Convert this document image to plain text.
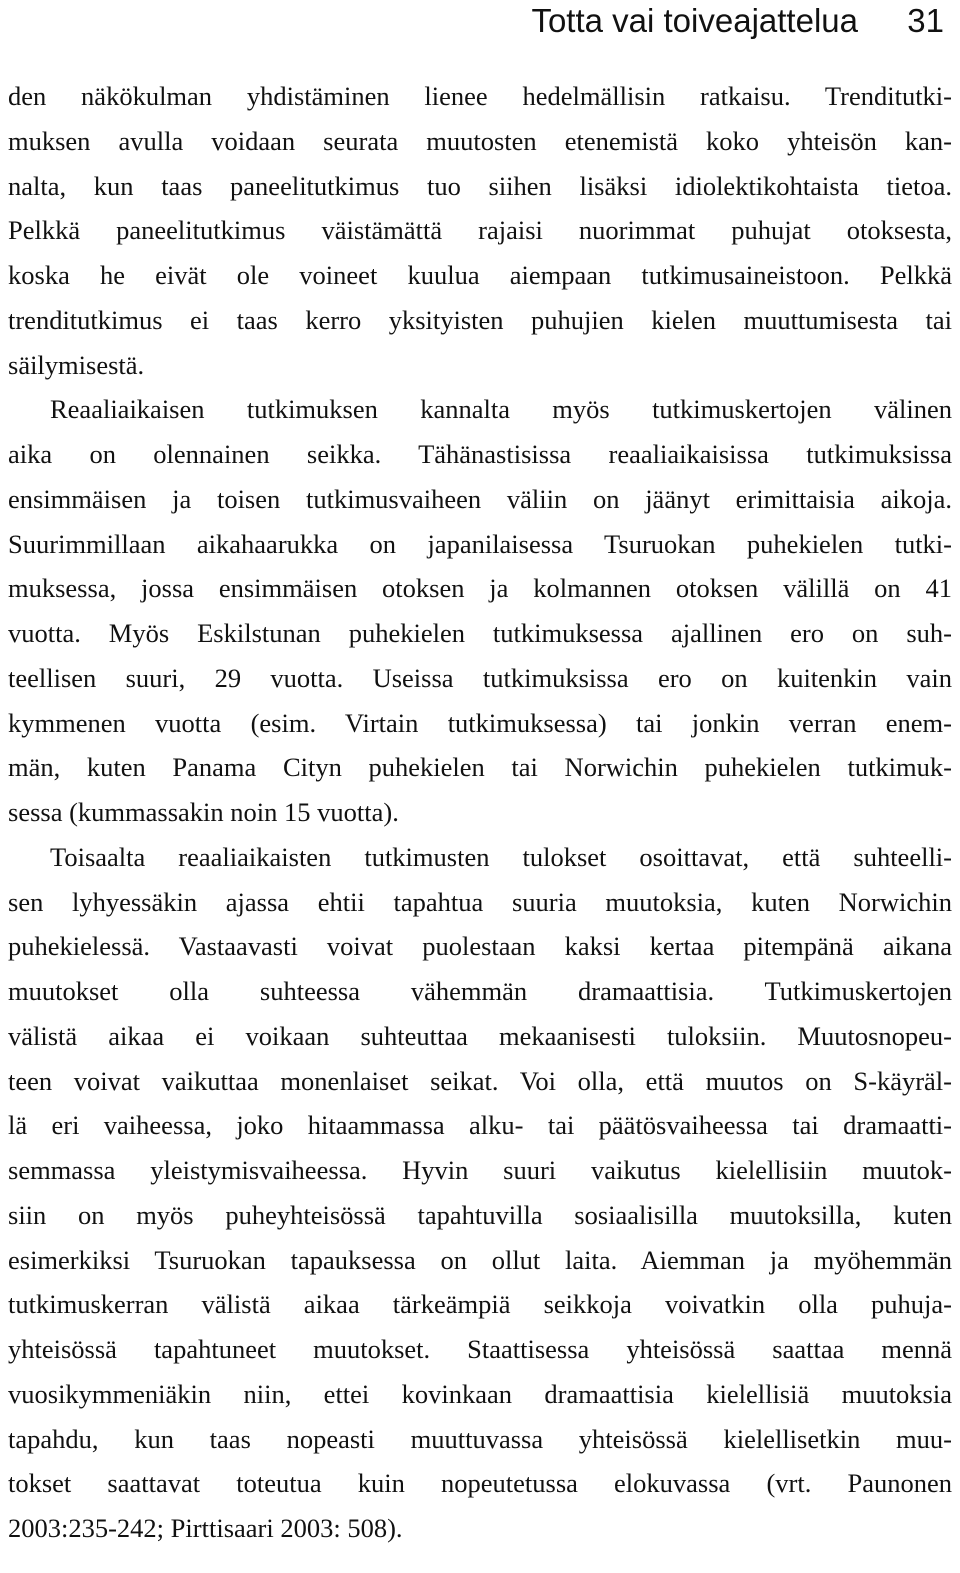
Totta vai toiveajattelua 31
den näkökulman yhdistäminen lienee hedelmällisin ratkaisu. Trenditutki-
muksen avulla voidaan seurata muutosten etenemistä koko yhteisön kan-
nalta, kun taas paneelitutkimus tuo siihen lisäksi idiolektikohtaista tietoa.
Pelkkä paneelitutkimus väistämättä rajaisi nuorimmat puhujat otoksesta,
koska he eivät ole voineet kuulua aiempaan tutkimusaineistoon. Pelkkä
trenditutkimus ei taas kerro yksityisten puhujien kielen muuttumisesta tai
säilymisestä.
Reaaliaikaisen tutkimuksen kannalta myös tutkimuskertojen välinen
aika on olennainen seikka. Tähänastisissa reaaliaikaisissa tutkimuksissa
ensimmäisen ja toisen tutkimusvaiheen väliin on jäänyt erimittaisia aikoja.
Suurimmillaan aikahaarukka on japanilaisessa Tsuruokan puhekielen tutki-
muksessa, jossa ensimmäisen otoksen ja kolmannen otoksen välillä on 41
vuotta. Myös Eskilstunan puhekielen tutkimuksessa ajallinen ero on suh-
teellisen suuri, 29 vuotta. Useissa tutkimuksissa ero on kuitenkin vain
kymmenen vuotta (esim. Virtain tutkimuksessa) tai jonkin verran enem-
män, kuten Panama Cityn puhekielen tai Norwichin puhekielen tutkimuk-
sessa (kummassakin noin 15 vuotta).
Toisaalta reaaliaikaisten tutkimusten tulokset osoittavat, että suhteelli-
sen lyhyessäkin ajassa ehtii tapahtua suuria muutoksia, kuten Norwichin
puhekielessä. Vastaavasti voivat puolestaan kaksi kertaa pitempänä aikana
muutokset olla suhteessa vähemmän dramaattisia. Tutkimuskertojen
välistä aikaa ei voikaan suhteuttaa mekaanisesti tuloksiin. Muutosnopeu-
teen voivat vaikuttaa monenlaiset seikat. Voi olla, että muutos on S-käyräl-
lä eri vaiheessa, joko hitaammassa alku- tai päätösvaiheessa tai dramaatti-
semmassa yleistymisvaiheessa. Hyvin suuri vaikutus kielellisiin muutok-
siin on myös puheyhteisössä tapahtuvilla sosiaalisilla muutoksilla, kuten
esimerkiksi Tsuruokan tapauksessa on ollut laita. Aiemman ja myöhemmän
tutkimuskerran välistä aikaa tärkeämpiä seikkoja voivatkin olla puhuja-
yhteisössä tapahtuneet muutokset. Staattisessa yhteisössä saattaa mennä
vuosikymmeniäkin niin, ettei kovinkaan dramaattisia kielellisiä muutoksia
tapahdu, kun taas nopeasti muuttuvassa yhteisössä kielellisetkin muu-
tokset saattavat toteutua kuin nopeutetussa elokuvassa (vrt. Paunonen
2003:235-242; Pirttisaari 2003: 508).
